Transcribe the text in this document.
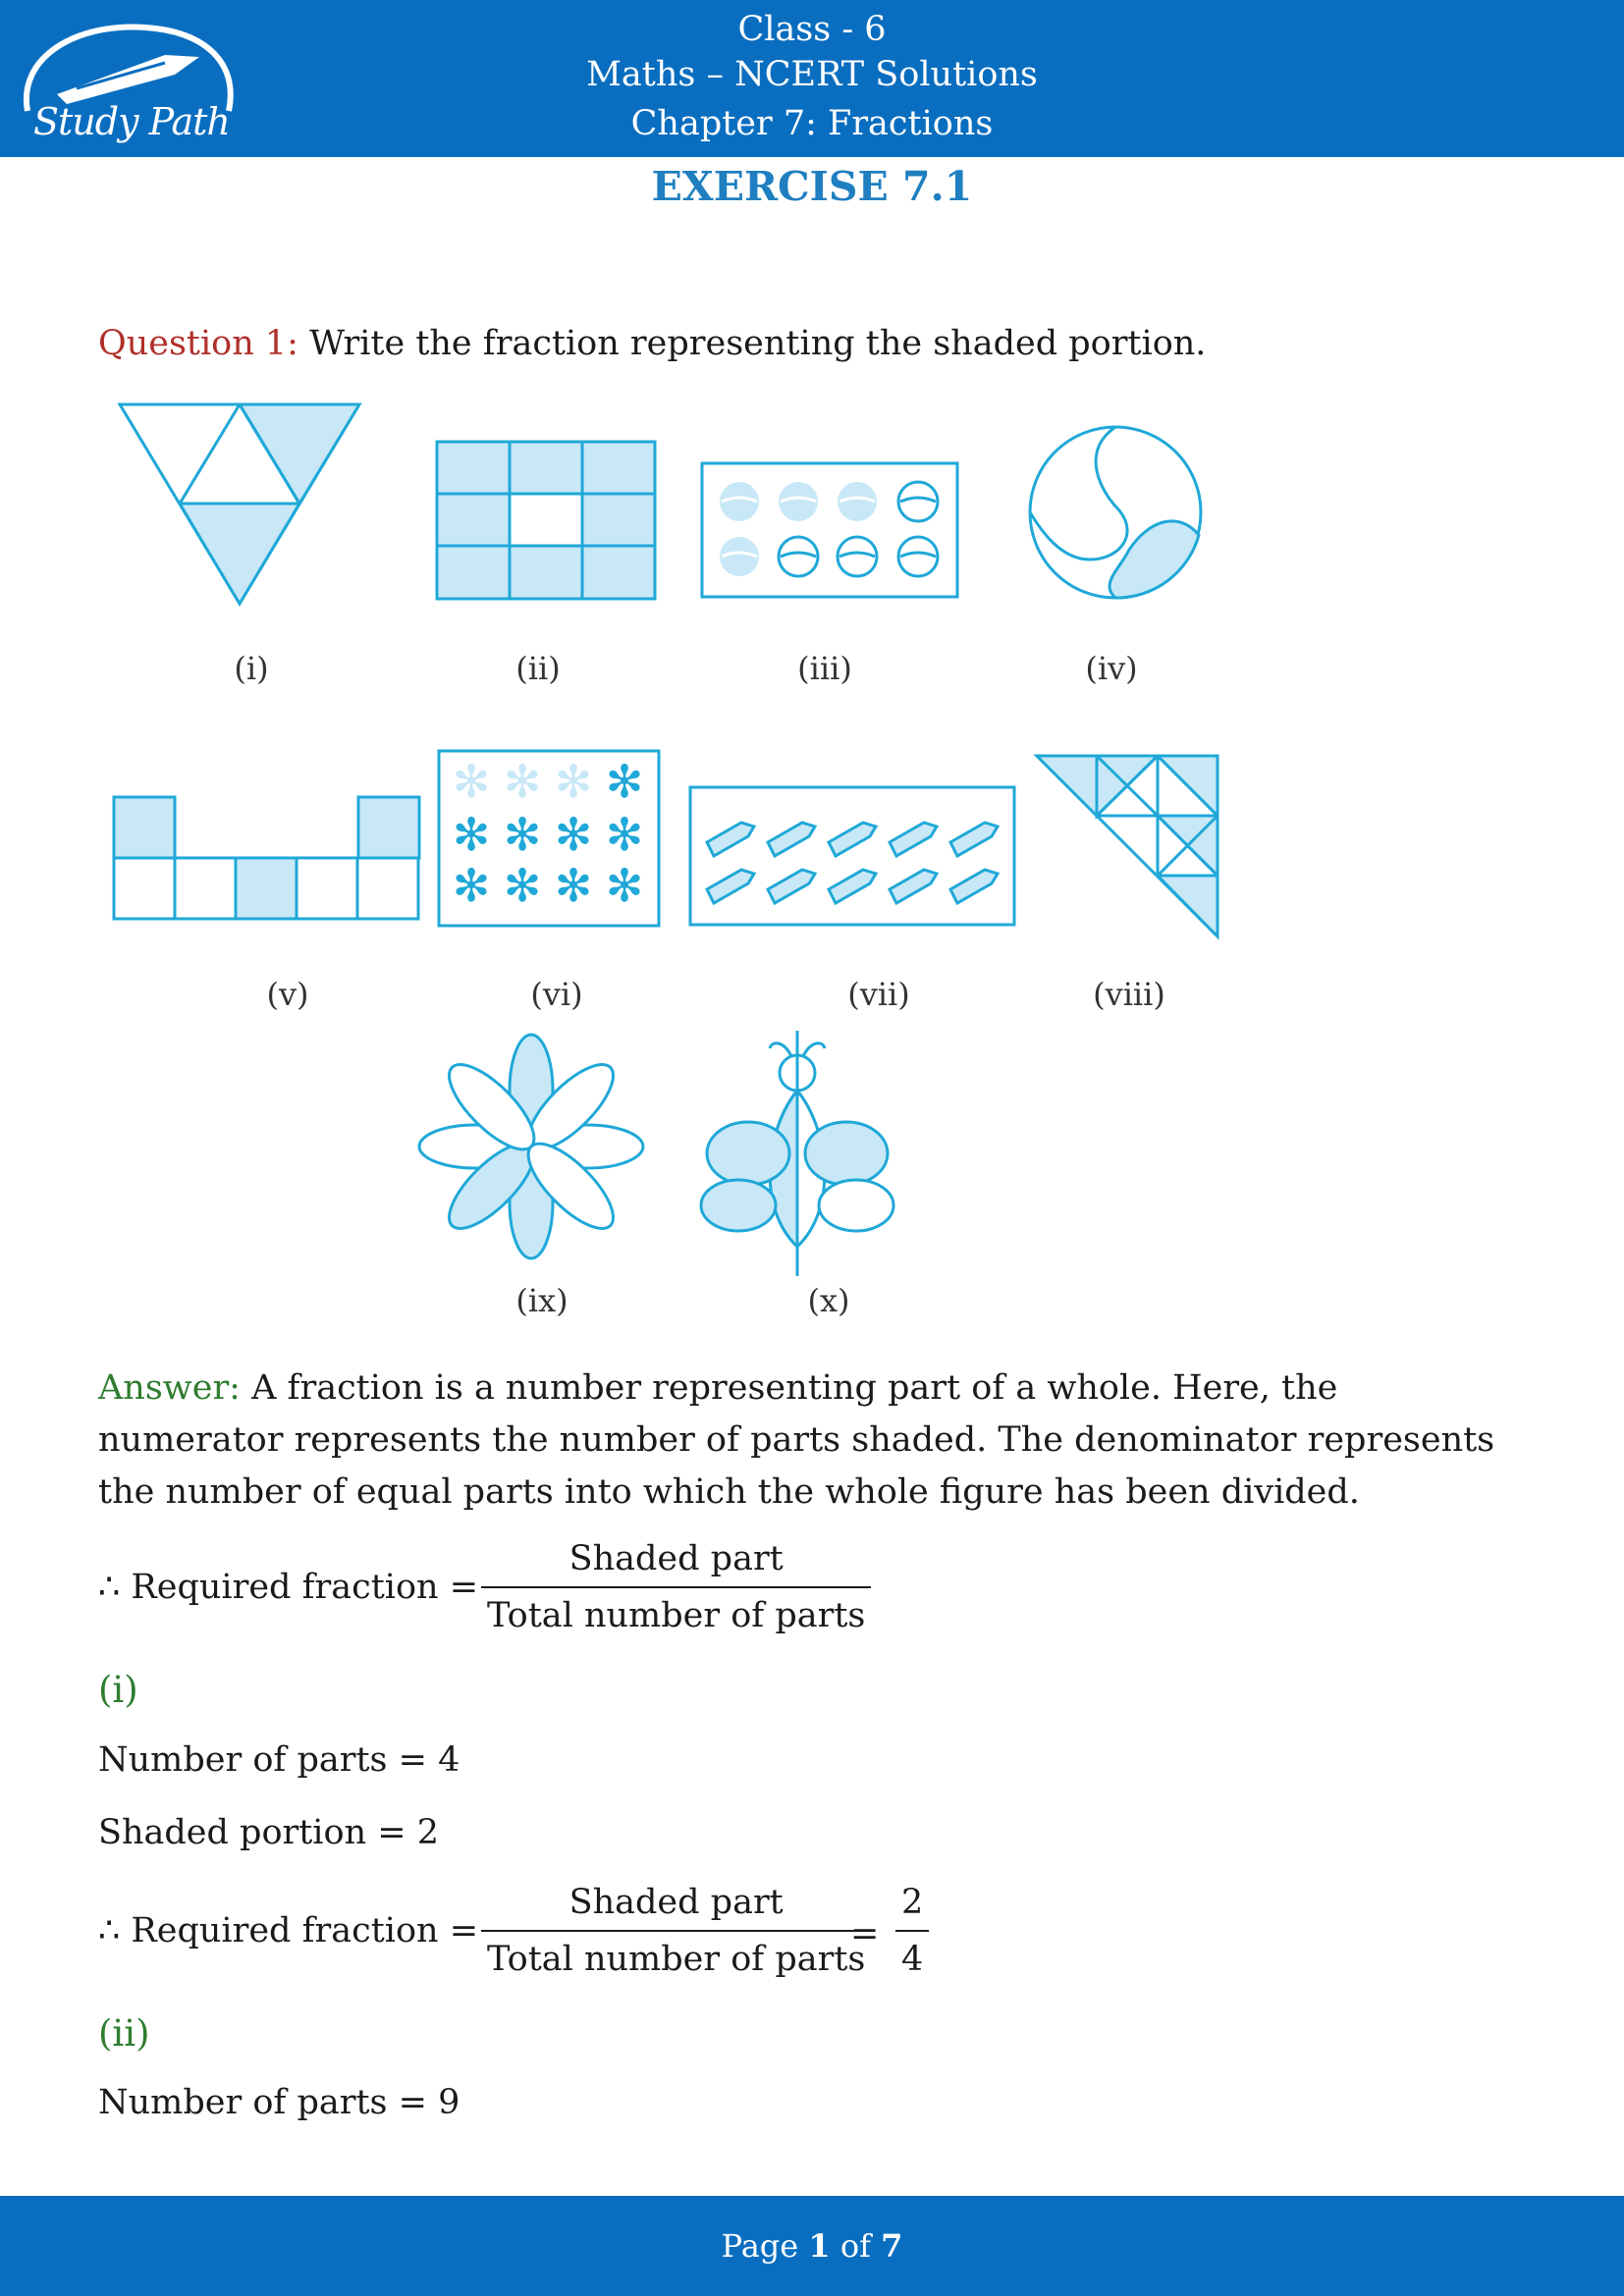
Study Path
Class - 6
Maths – NCERT Solutions
Chapter 7: Fractions
EXERCISE 7.1
Question 1: Write the fraction representing the shaded portion.
✻ ✻ ✻ ✻
✻ ✻ ✻ ✻
✻ ✻ ✻ ✻
(i)	(ii)	(iii)	(iv)
(v)	(vi)	(vii)	(viii)
(ix)	(x)
Answer: A fraction is a number representing part of a whole. Here, the numerator represents the number of parts shaded. The denominator represents the number of equal parts into which the whole figure has been divided.
∴ Required fraction =
Shaded part
Total number of parts
(i)
Number of parts = 4
Shaded portion = 2
∴ Required fraction =
Shaded part
Total number of parts
= $\frac{2}{4}$
(ii)
Number of parts = 9
Page 1 of 7
